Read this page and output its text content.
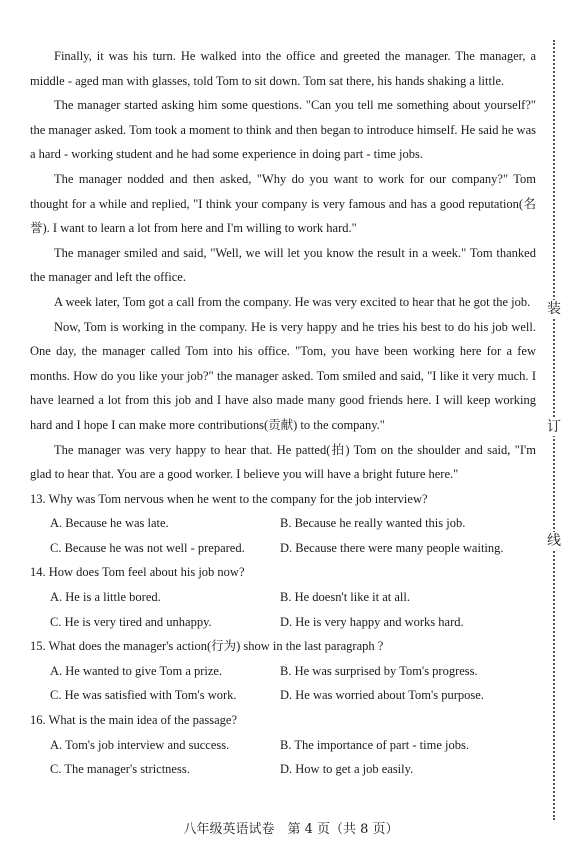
Finally, it was his turn. He walked into the office and greeted the manager. The manager, a middle - aged man with glasses, told Tom to sit down. Tom sat there, his hands shaking a little.

The manager started asking him some questions. "Can you tell me something about yourself?" the manager asked. Tom took a moment to think and then began to introduce himself. He said he was a hard - working student and he had some experience in doing part - time jobs.

The manager nodded and then asked, "Why do you want to work for our company?" Tom thought for a while and replied, "I think your company is very famous and has a good reputation(名誉). I want to learn a lot from here and I'm willing to work hard."

The manager smiled and said, "Well, we will let you know the result in a week." Tom thanked the manager and left the office.

A week later, Tom got a call from the company. He was very excited to hear that he got the job.

Now, Tom is working in the company. He is very happy and he tries his best to do his job well. One day, the manager called Tom into his office. "Tom, you have been working here for a few months. How do you like your job?" the manager asked. Tom smiled and said, "I like it very much. I have learned a lot from this job and I have also made many good friends here. I will keep working hard and I hope I can make more contributions(贡献) to the company."

The manager was very happy to hear that. He patted(拍) Tom on the shoulder and said, "I'm glad to hear that. You are a good worker. I believe you will have a bright future here."

13. Why was Tom nervous when he went to the company for the job interview?

A. Because he was late.	B. Because he really wanted this job.
C. Because he was not well - prepared.	D. Because there were many people waiting.

14. How does Tom feel about his job now?

A. He is a little bored.	B. He doesn't like it at all.
C. He is very tired and unhappy.	D. He is very happy and works hard.

15. What does the manager's action(行为) show in the last paragraph ?

A. He wanted to give Tom a prize.	B. He was surprised by Tom's progress.
C. He was satisfied with Tom's work.	D. He was worried about Tom's purpose.

16. What is the main idea of the passage?

A. Tom's job interview and success.	B. The importance of part - time jobs.
C. The manager's strictness.	D. How to get a job easily.
装
订
线
八年级英语试卷　第 4 页（共 8 页）
